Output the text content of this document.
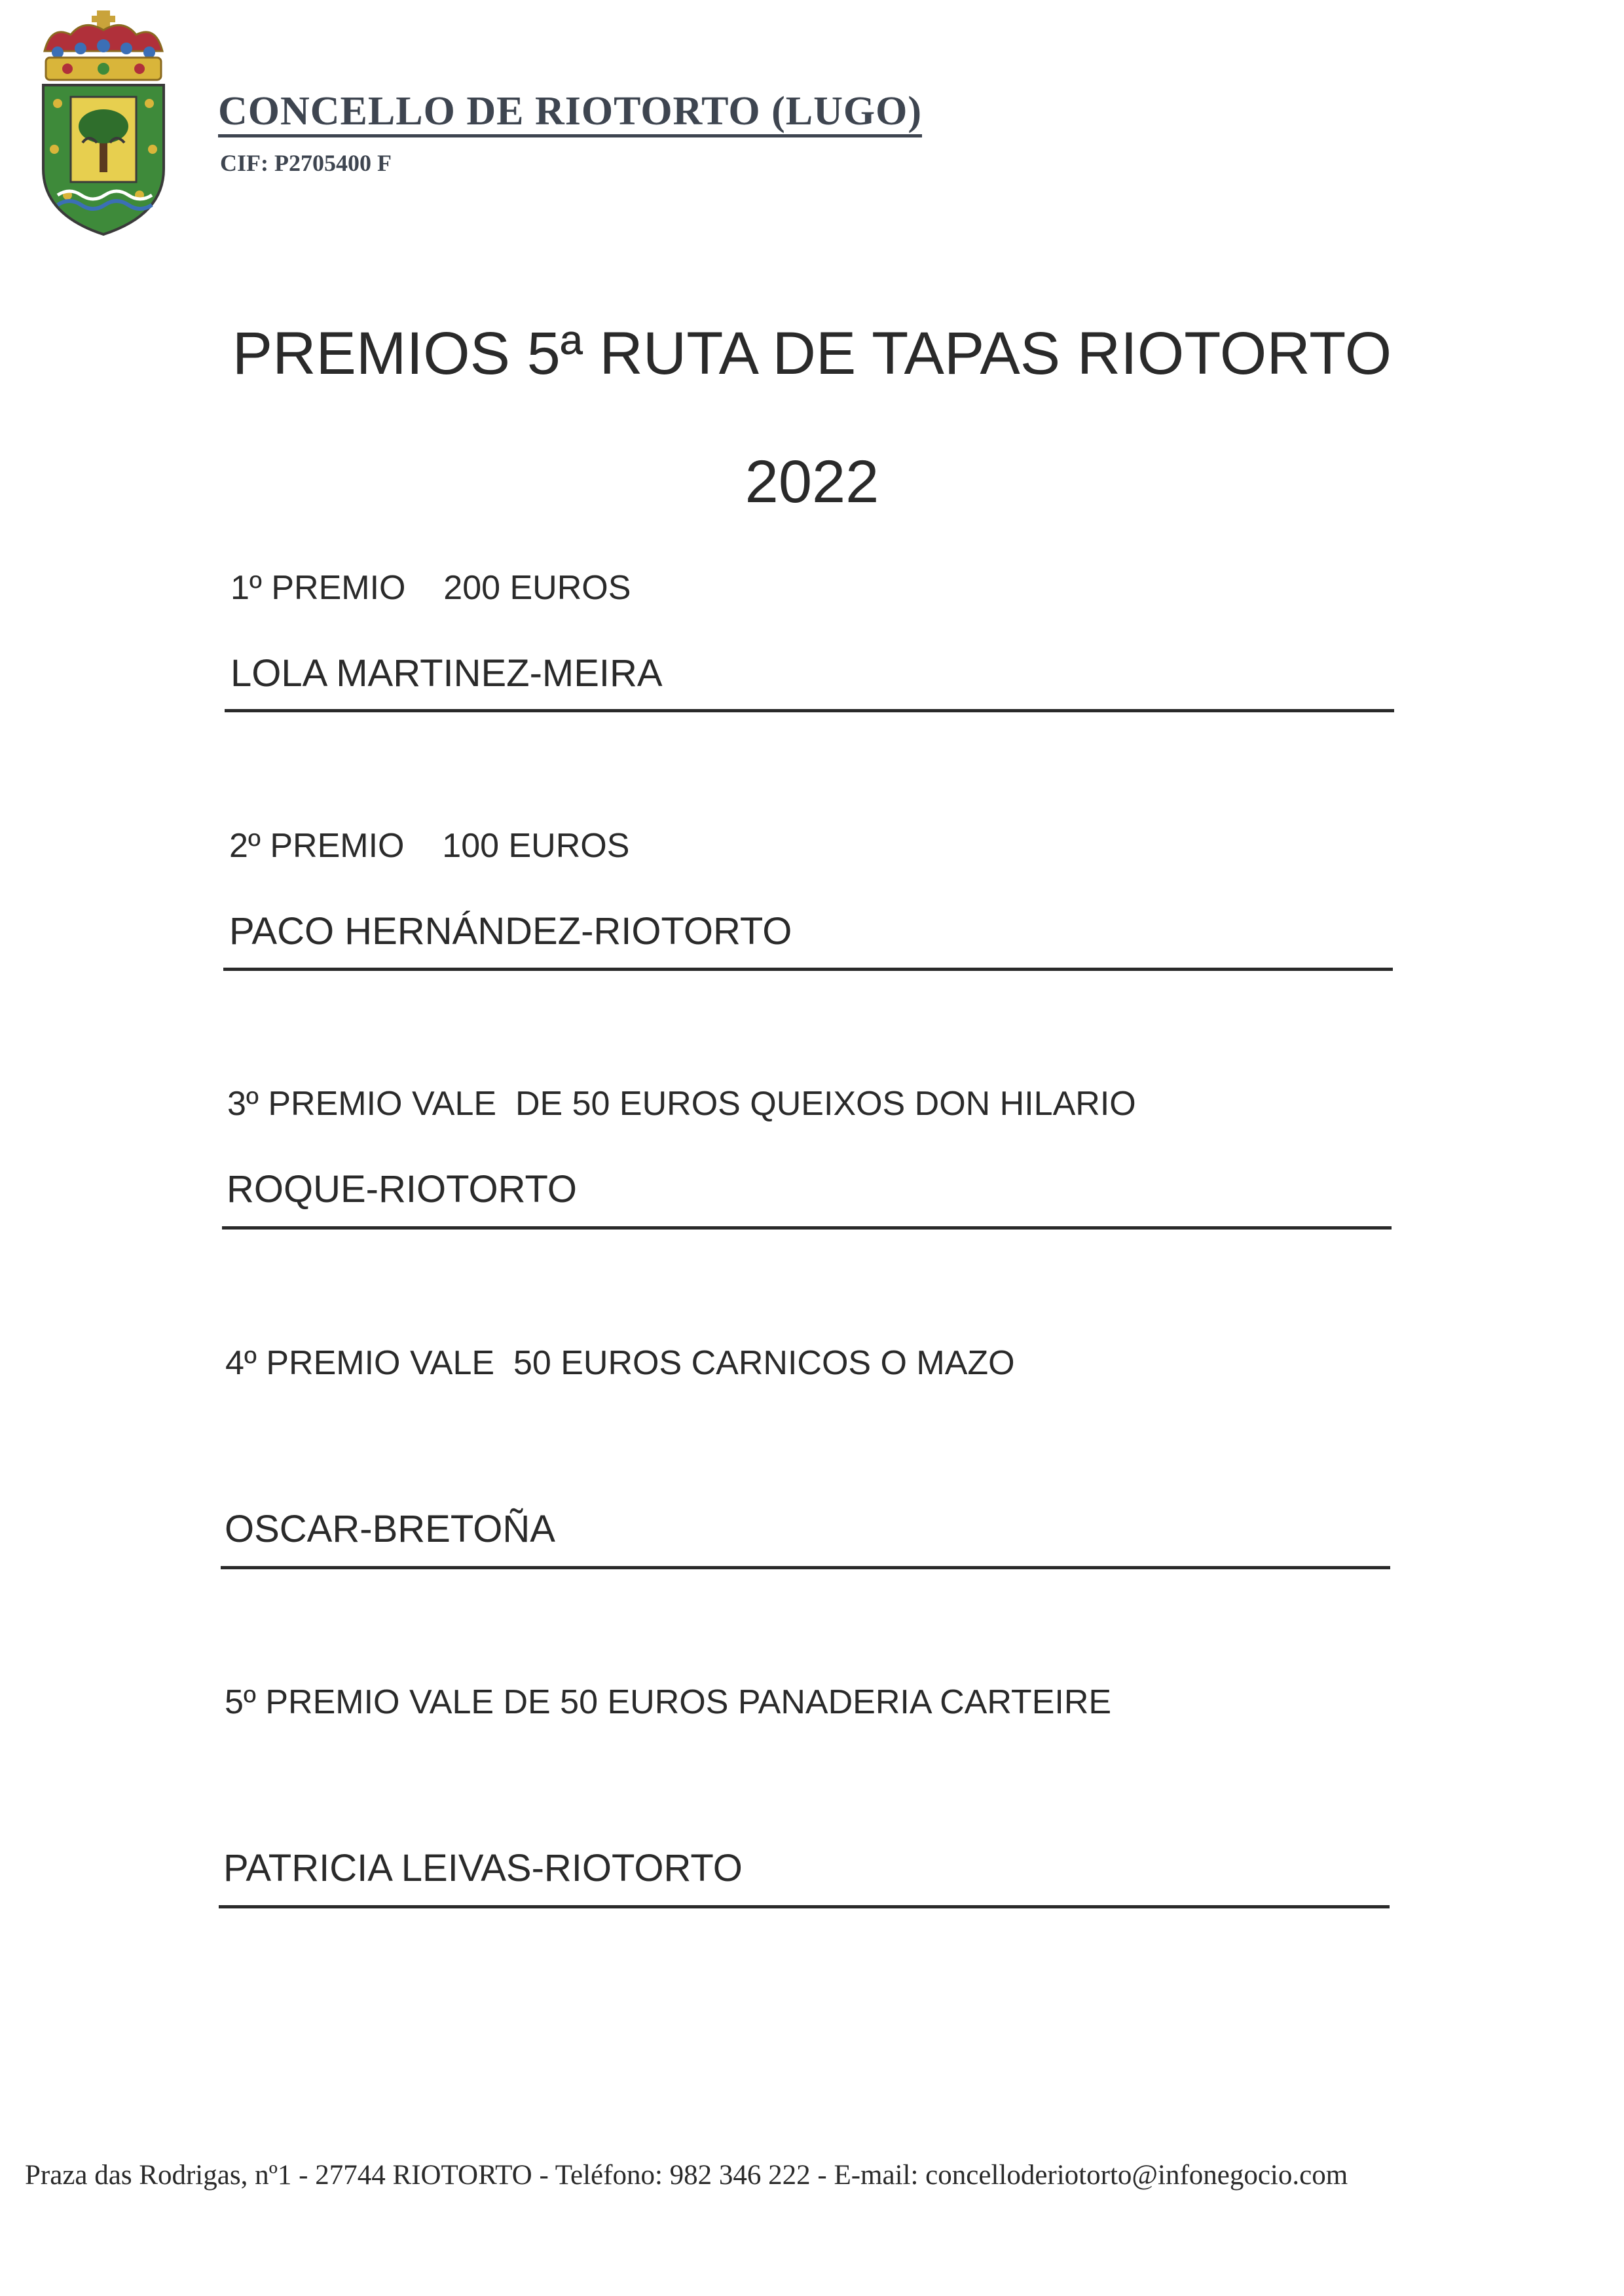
CONCELLO DE RIOTORTO (LUGO)
CIF: P2705400 F
PREMIOS 5ª RUTA DE TAPAS RIOTORTO
2022
1º PREMIO    200 EUROS
LOLA MARTINEZ-MEIRA
2º PREMIO    100 EUROS
PACO HERNÁNDEZ-RIOTORTO
3º PREMIO VALE  DE 50 EUROS QUEIXOS DON HILARIO
ROQUE-RIOTORTO
4º PREMIO VALE  50 EUROS CARNICOS O MAZO
OSCAR-BRETOÑA
5º PREMIO VALE DE 50 EUROS PANADERIA CARTEIRE
PATRICIA LEIVAS-RIOTORTO
Praza das Rodrigas, nº1 - 27744 RIOTORTO - Teléfono: 982 346 222 - E-mail: concelloderiotorto@infonegocio.com
